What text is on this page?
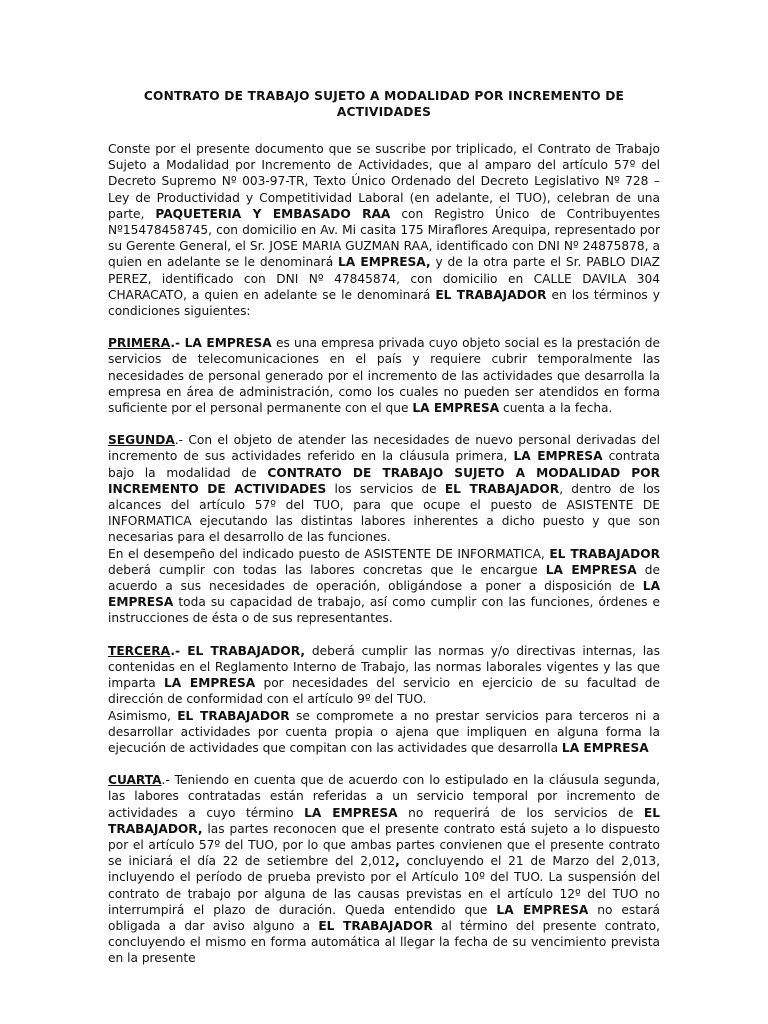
CONTRATO DE TRABAJO SUJETO A MODALIDAD POR INCREMENTO DE ACTIVIDADES

Conste por el presente documento que se suscribe por triplicado, el Contrato de Trabajo Sujeto a Modalidad por Incremento de Actividades, que al amparo del artículo 57º del Decreto Supremo Nº 003-97-TR, Texto Único Ordenado del Decreto Legislativo Nº 728 – Ley de Productividad y Competitividad Laboral (en adelante, el TUO), celebran de una parte, PAQUETERIA Y EMBASADO RAA con Registro Único de Contribuyentes Nº15478458745, con domicilio en Av. Mi casita 175 Miraflores Arequipa, representado por su Gerente General, el Sr. JOSE MARIA GUZMAN RAA, identificado con DNI Nº 24875878, a quien en adelante se le denominará LA EMPRESA, y de la otra parte el Sr. PABLO DIAZ PEREZ, identificado con DNI Nº 47845874, con domicilio en CALLE DAVILA 304 CHARACATO, a quien en adelante se le denominará EL TRABAJADOR en los términos y condiciones siguientes:

PRIMERA.- LA EMPRESA es una empresa privada cuyo objeto social es la prestación de servicios de telecomunicaciones en el país y requiere cubrir temporalmente las necesidades de personal generado por el incremento de las actividades que desarrolla la empresa en área de administración, como los cuales no pueden ser atendidos en forma suficiente por el personal permanente con el que LA EMPRESA cuenta a la fecha.

SEGUNDA.- Con el objeto de atender las necesidades de nuevo personal derivadas del incremento de sus actividades referido en la cláusula primera, LA EMPRESA contrata bajo la modalidad de CONTRATO DE TRABAJO SUJETO A MODALIDAD POR INCREMENTO DE ACTIVIDADES los servicios de EL TRABAJADOR, dentro de los alcances del artículo 57º del TUO, para que ocupe el puesto de ASISTENTE DE INFORMATICA ejecutando las distintas labores inherentes a dicho puesto y que son necesarias para el desarrollo de las funciones.

En el desempeño del indicado puesto de ASISTENTE DE INFORMATICA, EL TRABAJADOR deberá cumplir con todas las labores concretas que le encargue LA EMPRESA de acuerdo a sus necesidades de operación, obligándose a poner a disposición de LA EMPRESA toda su capacidad de trabajo, así como cumplir con las funciones, órdenes e instrucciones de ésta o de sus representantes.

TERCERA.- EL TRABAJADOR, deberá cumplir las normas y/o directivas internas, las contenidas en el Reglamento Interno de Trabajo, las normas laborales vigentes y las que imparta LA EMPRESA por necesidades del servicio en ejercicio de su facultad de dirección de conformidad con el artículo 9º del TUO.

Asimismo, EL TRABAJADOR se compromete a no prestar servicios para terceros ni a desarrollar actividades por cuenta propia o ajena que impliquen en alguna forma la ejecución de actividades que compitan con las actividades que desarrolla LA EMPRESA

CUARTA.- Teniendo en cuenta que de acuerdo con lo estipulado en la cláusula segunda, las labores contratadas están referidas a un servicio temporal por incremento de actividades a cuyo término LA EMPRESA no requerirá de los servicios de EL TRABAJADOR, las partes reconocen que el presente contrato está sujeto a lo dispuesto por el artículo 57º del TUO, por lo que ambas partes convienen que el presente contrato se iniciará el día 22 de setiembre del 2,012, concluyendo el 21 de Marzo del 2,013, incluyendo el período de prueba previsto por el Artículo 10º del TUO. La suspensión del contrato de trabajo por alguna de las causas previstas en el artículo 12º del TUO no interrumpirá el plazo de duración. Queda entendido que LA EMPRESA no estará obligada a dar aviso alguno a EL TRABAJADOR al término del presente contrato, concluyendo el mismo en forma automática al llegar la fecha de su vencimiento prevista en la presente
